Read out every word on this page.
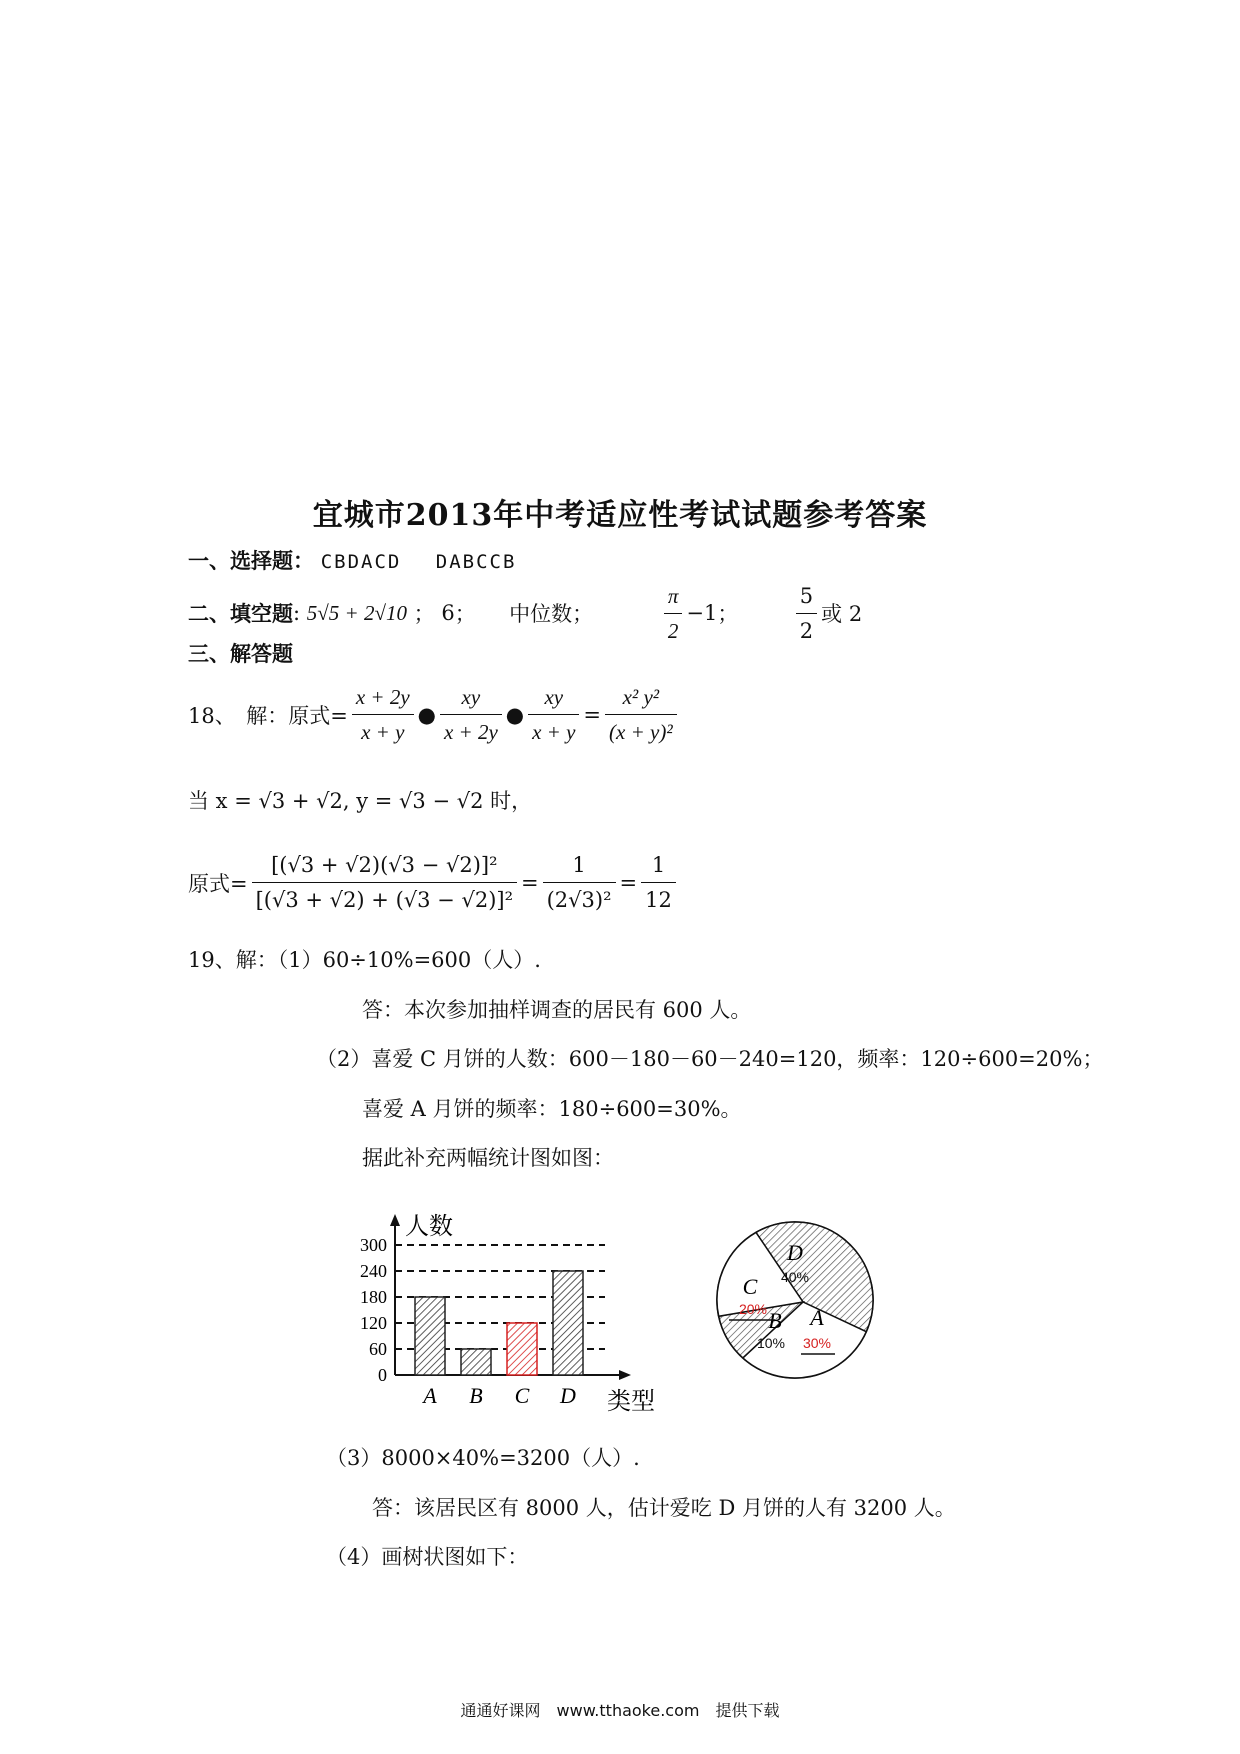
宜城市2013年中考适应性考试试题参考答案
一、选择题： CBDACD　 DABCCB
二、填空题 : 5√5 + 2√10 ； 6 ； 中位数 ； $\frac{\pi}{2} -1$ ； $\frac{5}{2}$ 或 2
三、解答题
18、　解：原式= $\frac{x + 2y}{x + y}$ ● $\frac{xy}{x + 2y}$ ● $\frac{xy}{x + y} = \frac{\text{x² y²}}{\text{(x + y)²}}$
当 x = √3 + √2, y = √3 − √2 时，
原式= $\frac{\text{[(√3 + √2)(√3 − √2)]²}}{\text{[(√3 + √2) + (√3 − √2)]²}} = \frac{1}{\text{(2√3)²}} = \frac{1}{12}$
19、解：（1）60÷10%=600（人）.
答：本次参加抽样调查的居民有 600 人。
（2）喜爱 C 月饼的人数：600－180－60－240=120，频率：120÷600=20%；
喜爱 A 月饼的频率：180÷600=30%。
据此补充两幅统计图如图：
0
60
120
180
240
300
人数
类型
A B C D
D
40%
A
30%
B
10%
C
20%
（3）8000×40%=3200（人）.
答：该居民区有 8000 人，估计爱吃 D 月饼的人有 3200 人。
（4）画树状图如下：
通通好课网　www.tthaoke.com　提供下载
